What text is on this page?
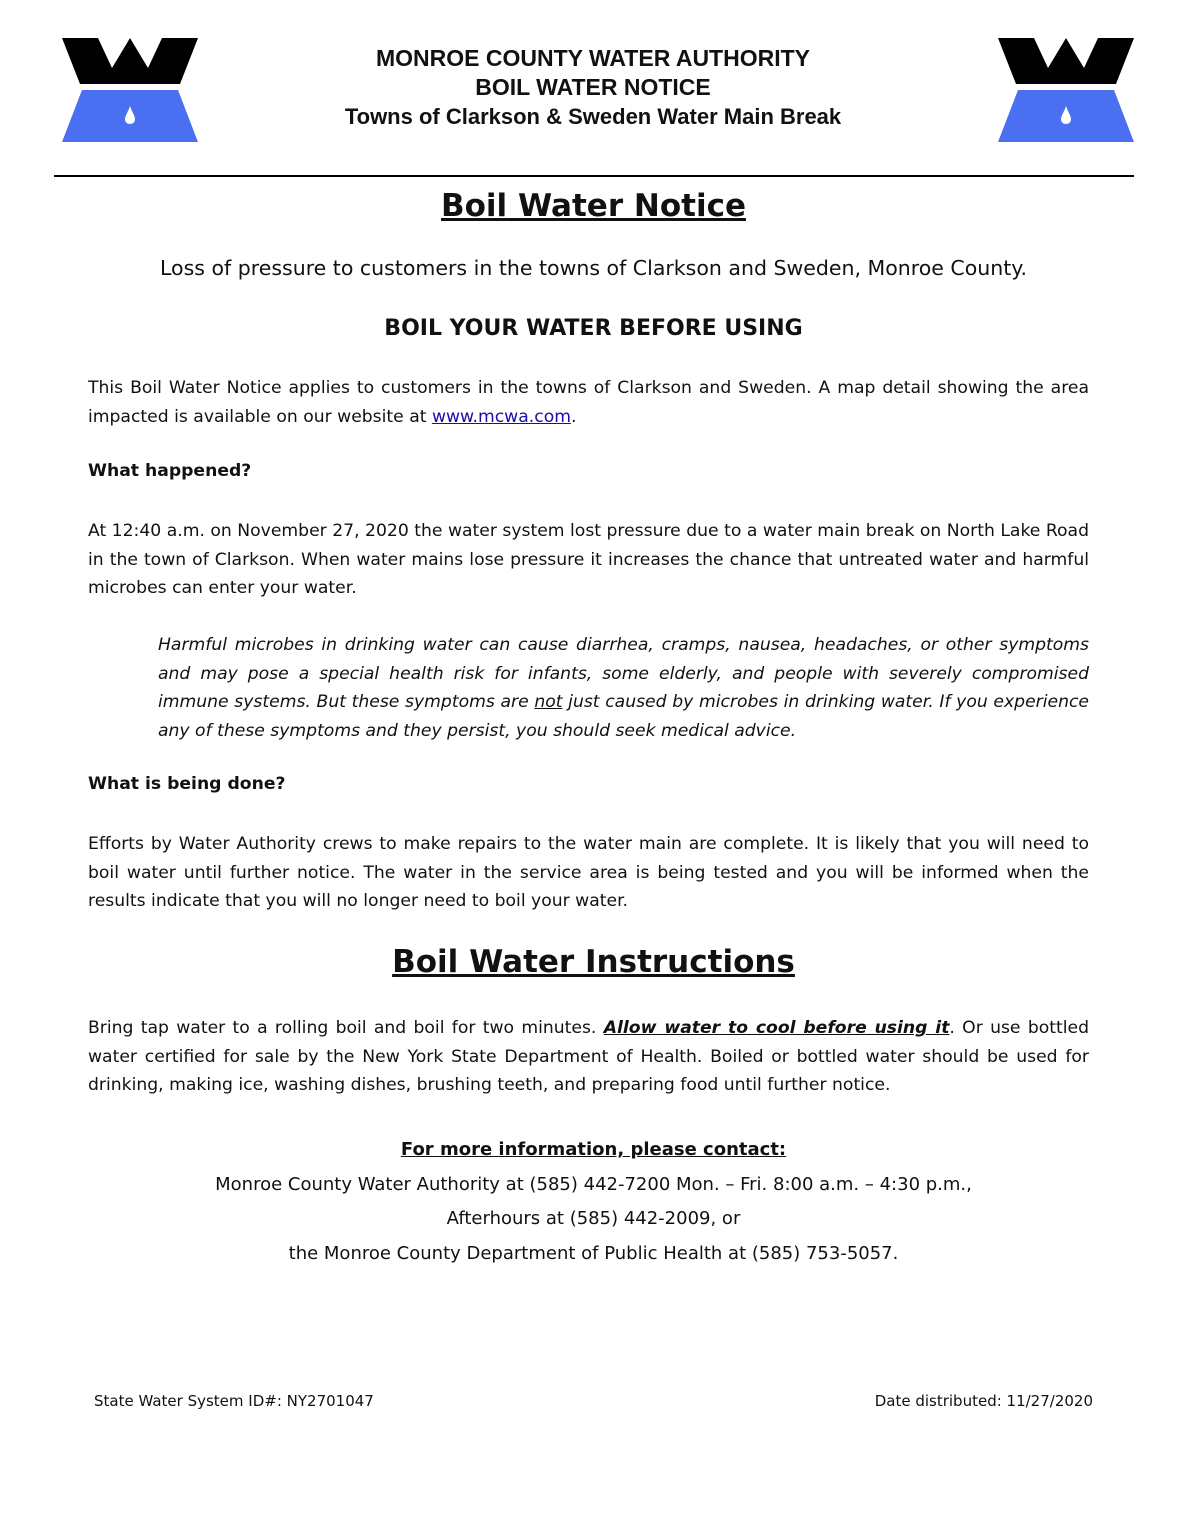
MONROE COUNTY WATER AUTHORITY
BOIL WATER NOTICE
Towns of Clarkson & Sweden Water Main Break
Boil Water Notice
Loss of pressure to customers in the towns of Clarkson and Sweden, Monroe County.
BOIL YOUR WATER BEFORE USING

This Boil Water Notice applies to customers in the towns of Clarkson and Sweden. A map detail showing the area impacted is available on our website at www.mcwa.com.

What happened?

At 12:40 a.m. on November 27, 2020 the water system lost pressure due to a water main break on North Lake Road in the town of Clarkson. When water mains lose pressure it increases the chance that untreated water and harmful microbes can enter your water.

Harmful microbes in drinking water can cause diarrhea, cramps, nausea, headaches, or other symptoms and may pose a special health risk for infants, some elderly, and people with severely compromised immune systems. But these symptoms are not just caused by microbes in drinking water. If you experience any of these symptoms and they persist, you should seek medical advice.

What is being done?

Efforts by Water Authority crews to make repairs to the water main are complete. It is likely that you will need to boil water until further notice. The water in the service area is being tested and you will be informed when the results indicate that you will no longer need to boil your water.

Boil Water Instructions

Bring tap water to a rolling boil and boil for two minutes. Allow water to cool before using it. Or use bottled water certified for sale by the New York State Department of Health. Boiled or bottled water should be used for drinking, making ice, washing dishes, brushing teeth, and preparing food until further notice.

For more information, please contact:
Monroe County Water Authority at (585) 442-7200 Mon. – Fri. 8:00 a.m. – 4:30 p.m.,
Afterhours at (585) 442-2009, or
the Monroe County Department of Public Health at (585) 753-5057.
State Water System ID#: NY2701047	Date distributed: 11/27/2020
